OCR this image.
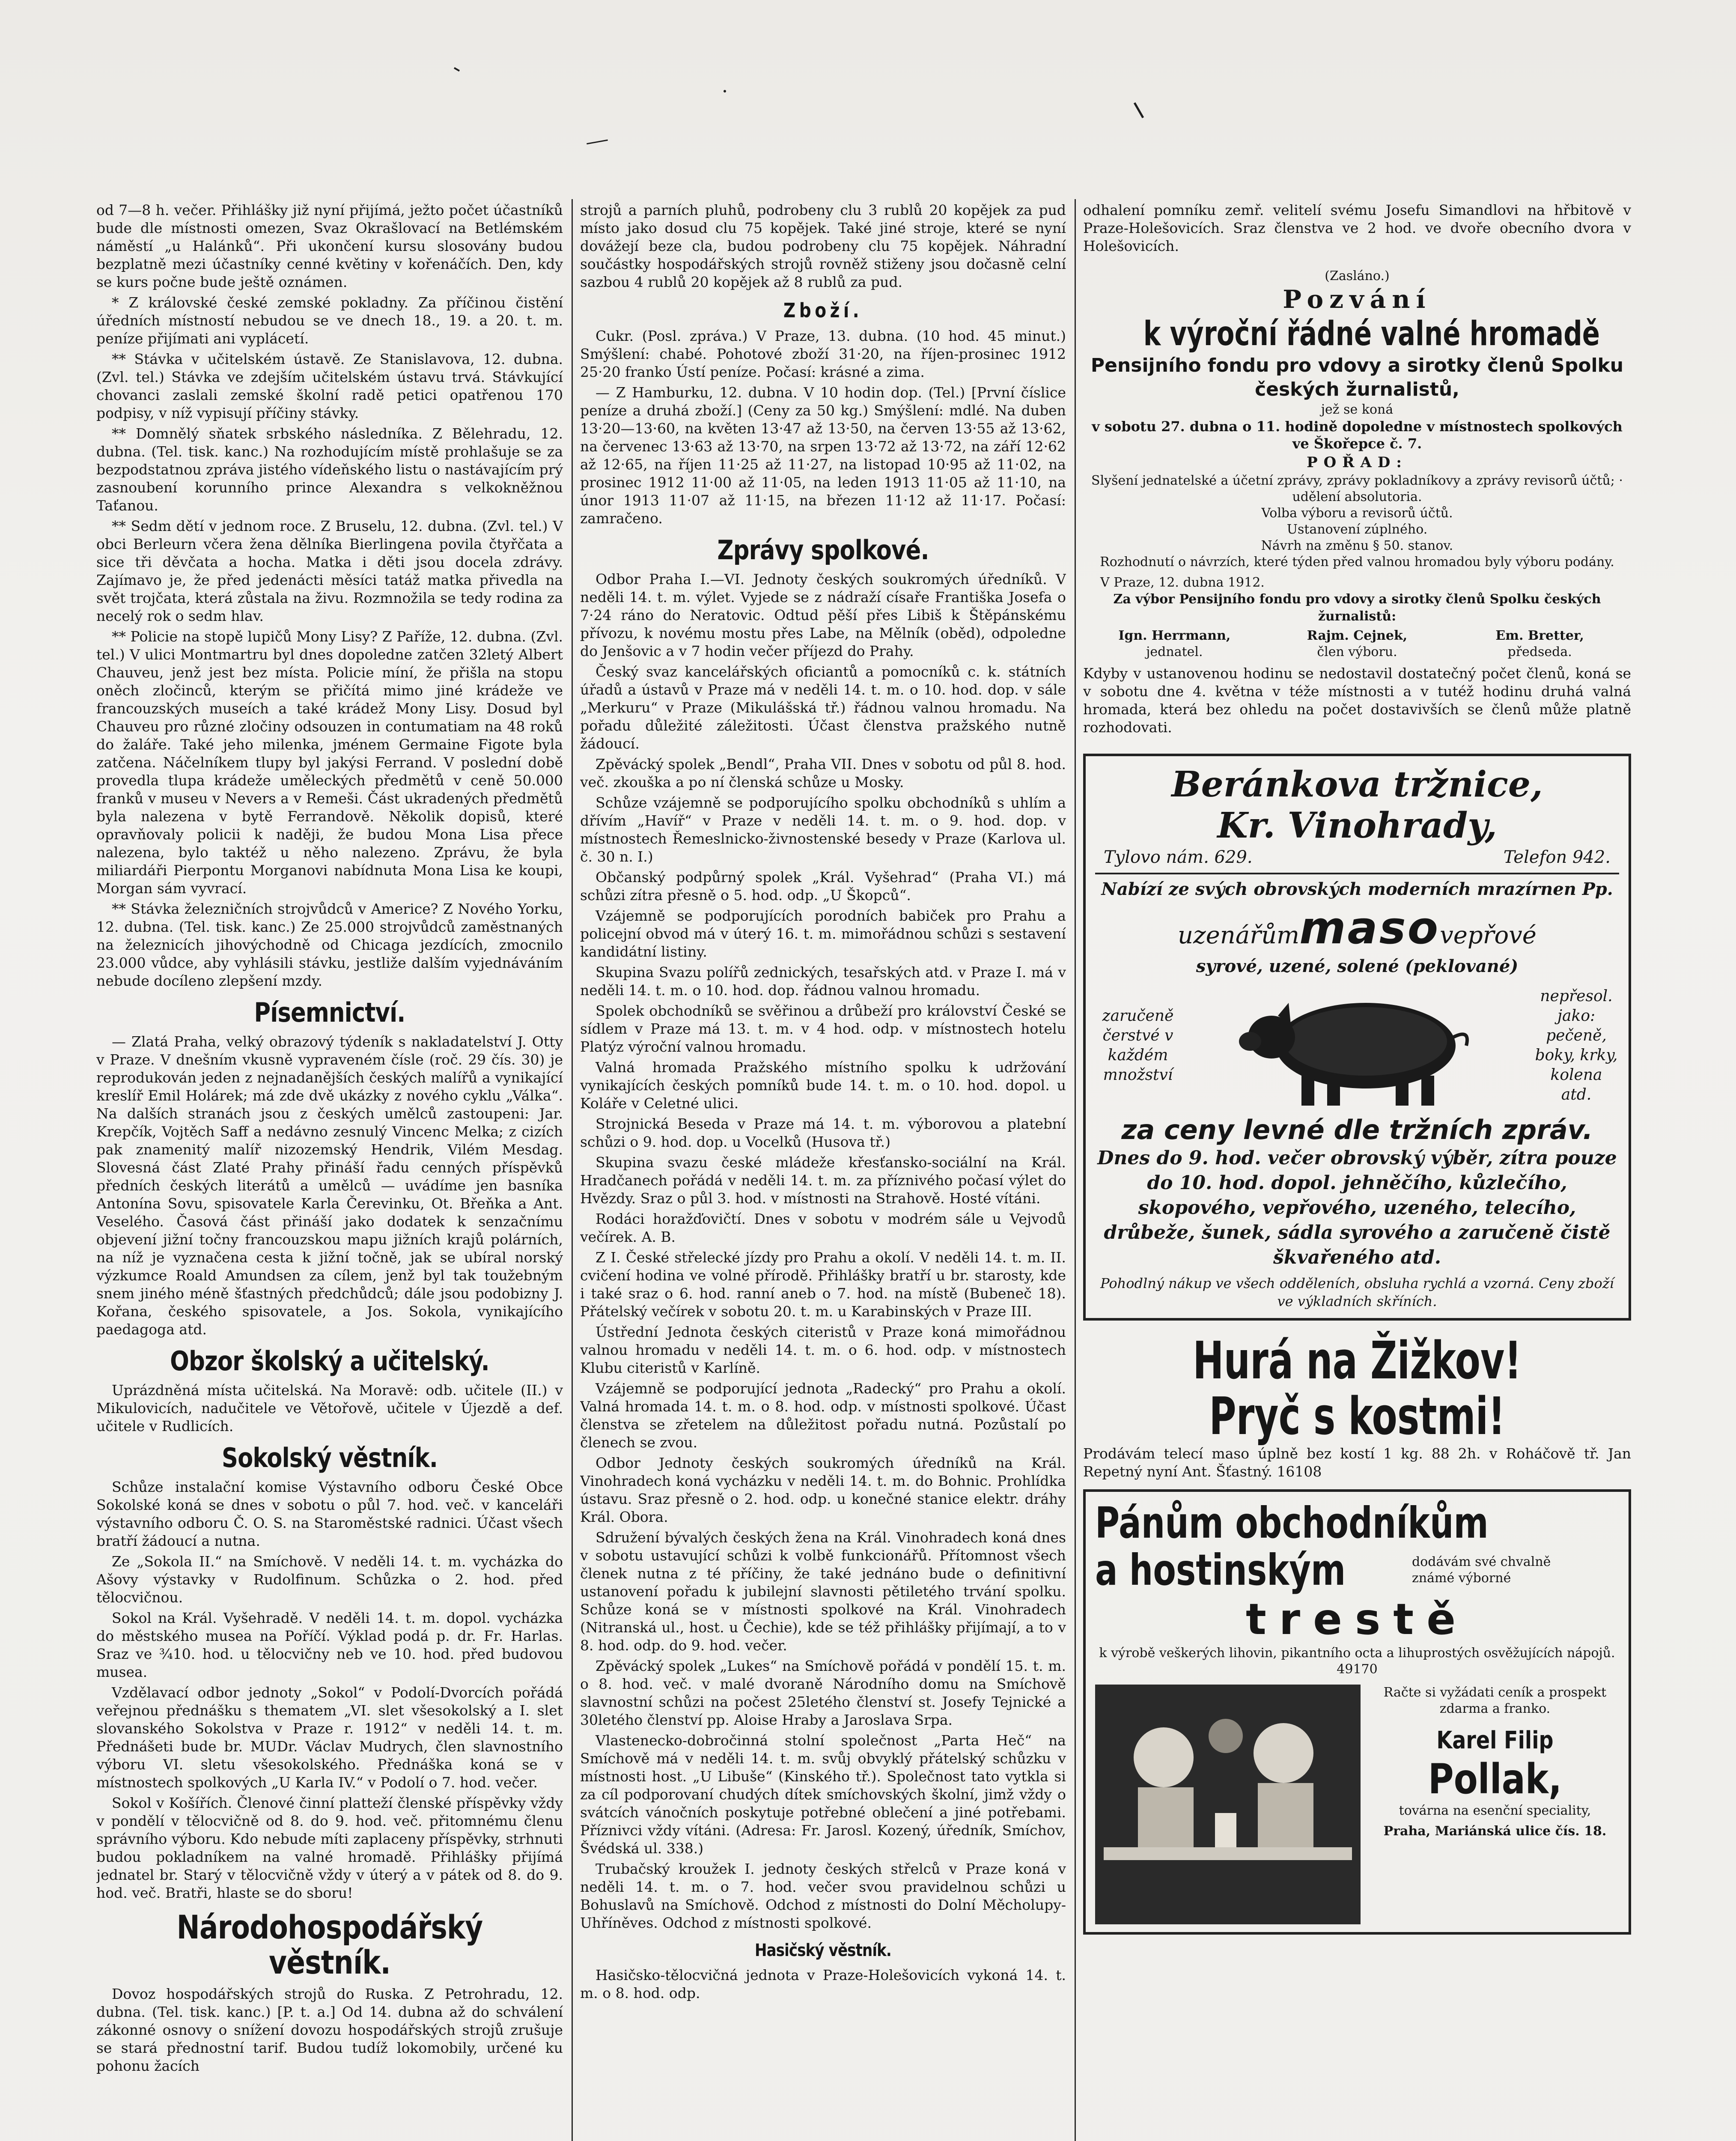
od 7—8 h. večer. Přihlášky již nyní přijímá, ježto počet účastníků bude dle místnosti omezen, Svaz Okrašlovací na Betlémském náměstí „u Halánků“. Při ukončení kursu slosovány budou bezplatně mezi účastníky cenné květiny v kořenáčích. Den, kdy se kurs počne bude ještě oznámen.

* Z královské české zemské pokladny. Za příčinou čistění úředních místností nebudou se ve dnech 18., 19. a 20. t. m. peníze přijímati ani vyplácetí.

** Stávka v učitelském ústavě. Ze Stanislavova, 12. dubna. (Zvl. tel.) Stávka ve zdejším učitelském ústavu trvá. Stávkující chovanci zaslali zemské školní radě petici opatřenou 170 podpisy, v níž vypisují příčiny stávky.

** Domnělý sňatek srbského následníka. Z Bělehradu, 12. dubna. (Tel. tisk. kanc.) Na rozhodujícím místě prohlašuje se za bezpodstatnou zpráva jistého vídeňského listu o nastávajícím prý zasnoubení korunního prince Alexandra s velkokněžnou Taťanou.

** Sedm dětí v jednom roce. Z Bruselu, 12. dubna. (Zvl. tel.) V obci Berleurn včera žena dělníka Bierlingena povila čtyřčata a sice tři děvčata a hocha. Matka i děti jsou docela zdrávy. Zajímavo je, že před jedenácti měsíci tatáž matka přivedla na svět trojčata, která zůstala na živu. Rozmnožila se tedy rodina za necelý rok o sedm hlav.

** Policie na stopě lupičů Mony Lisy? Z Paříže, 12. dubna. (Zvl. tel.) V ulici Montmartru byl dnes dopoledne zatčen 32letý Albert Chauveu, jenž jest bez místa. Policie míní, že přišla na stopu oněch zločinců, kterým se přičítá mimo jiné krádeže ve francouzských museích a také krádež Mony Lisy. Dosud byl Chauveu pro různé zločiny odsouzen in contumatiam na 48 roků do žaláře. Také jeho milenka, jménem Germaine Figote byla zatčena. Náčelníkem tlupy byl jakýsi Ferrand. V poslední době provedla tlupa krádeže uměleckých předmětů v ceně 50.000 franků v museu v Nevers a v Remeši. Část ukradených předmětů byla nalezena v bytě Ferrandově. Několik dopisů, které opravňovaly policii k naději, že budou Mona Lisa přece nalezena, bylo taktéž u něho nalezeno. Zprávu, že byla miliardáři Pierpontu Morganovi nabídnuta Mona Lisa ke koupi, Morgan sám vyvrací.

** Stávka železničních strojvůdců v Americe? Z Nového Yorku, 12. dubna. (Tel. tisk. kanc.) Ze 25.000 strojvůdců zaměstnaných na železnicích jihovýchodně od Chicaga jezdících, zmocnilo 23.000 vůdce, aby vyhlásili stávku, jestliže dalším vyjednáváním nebude docíleno zlepšení mzdy.

Písemnictví.

— Zlatá Praha, velký obrazový týdeník s nakladatelství J. Otty v Praze. V dnešním vkusně vypraveném čísle (roč. 29 čís. 30) je reprodukován jeden z nejnadanějších českých malířů a vynikající kreslíř Emil Holárek; má zde dvě ukázky z nového cyklu „Válka“. Na dalších stranách jsou z českých umělců zastoupeni: Jar. Krepčík, Vojtěch Saff a nedávno zesnulý Vincenc Melka; z cizích pak znamenitý malíř nizozemský Hendrik, Vilém Mesdag. Slovesná část Zlaté Prahy přináší řadu cenných příspěvků předních českých literátů a umělců — uvádíme jen basníka Antonína Sovu, spisovatele Karla Čerevinku, Ot. Břeňka a Ant. Veselého. Časová část přináší jako dodatek k senzačnímu objevení jižní točny francouzskou mapu jižních krajů polárních, na níž je vyznačena cesta k jižní točně, jak se ubíral norský výzkumce Roald Amundsen za cílem, jenž byl tak toužebným snem jiného méně šťastných předchůdců; dále jsou podobizny J. Kořana, českého spisovatele, a Jos. Sokola, vynikajícího paedagoga atd.

Obzor školský a učitelský.

Uprázdněná místa učitelská. Na Moravě: odb. učitele (II.) v Mikulovicích, nadučitele ve Větořově, učitele v Újezdě a def. učitele v Rudlicích.

Sokolský věstník.

Schůze instalační komise Výstavního odboru České Obce Sokolské koná se dnes v sobotu o půl 7. hod. več. v kanceláři výstavního odboru Č. O. S. na Staroměstské radnici. Účast všech bratří žádoucí a nutna.

Ze „Sokola II.“ na Smíchově. V neděli 14. t. m. vycházka do Ašovy výstavky v Rudolfinum. Schůzka o 2. hod. před tělocvičnou.

Sokol na Král. Vyšehradě. V neděli 14. t. m. dopol. vycházka do městského musea na Poříčí. Výklad podá p. dr. Fr. Harlas. Sraz ve ¾10. hod. u tělocvičny neb ve 10. hod. před budovou musea.

Vzdělavací odbor jednoty „Sokol“ v Podolí-Dvorcích pořádá veřejnou přednášku s thematem „VI. slet všesokolský a I. slet slovanského Sokolstva v Praze r. 1912“ v neděli 14. t. m. Přednášeti bude br. MUDr. Václav Mudrych, člen slavnostního výboru VI. sletu všesokolského. Přednáška koná se v místnostech spolkových „U Karla IV.“ v Podolí o 7. hod. večer.

Sokol v Košířích. Členové činní platteží členské příspěvky vždy v pondělí v tělocvičně od 8. do 9. hod. več. přitomnému členu správního výboru. Kdo nebude míti zaplaceny příspěvky, strhnuti budou pokladníkem na valné hromadě. Přihlášky přijímá jednatel br. Starý v tělocvičně vždy v úterý a v pátek od 8. do 9. hod. več. Bratři, hlaste se do sboru!

Národohospodářský věstník.

Dovoz hospodářských strojů do Ruska. Z Petrohradu, 12. dubna. (Tel. tisk. kanc.) [P. t. a.] Od 14. dubna až do schválení zákonné osnovy o snížení dovozu hospodářských strojů zrušuje se stará přednostní tarif. Budou tudíž lokomobily, určené ku pohonu žacích

strojů a parních pluhů, podrobeny clu 3 rublů 20 kopějek za pud místo jako dosud clu 75 kopějek. Také jiné stroje, které se nyní dovážejí beze cla, budou podrobeny clu 75 kopějek. Náhradní součástky hospodářských strojů rovněž stiženy jsou dočasně celní sazbou 4 rublů 20 kopějek až 8 rublů za pud.

Zboží.

Cukr. (Posl. zpráva.) V Praze, 13. dubna. (10 hod. 45 minut.) Smýšlení: chabé. Pohotové zboží 31·20, na říjen-prosinec 1912 25·20 franko Ústí peníze. Počasí: krásné a zima.

— Z Hamburku, 12. dubna. V 10 hodin dop. (Tel.) [První číslice peníze a druhá zboží.] (Ceny za 50 kg.) Smýšlení: mdlé. Na duben 13·20—13·60, na květen 13·47 až 13·50, na červen 13·55 až 13·62, na červenec 13·63 až 13·70, na srpen 13·72 až 13·72, na září 12·62 až 12·65, na říjen 11·25 až 11·27, na listopad 10·95 až 11·02, na prosinec 1912 11·00 až 11·05, na leden 1913 11·05 až 11·10, na únor 1913 11·07 až 11·15, na březen 11·12 až 11·17. Počasí: zamračeno.

Zprávy spolkové.

Odbor Praha I.—VI. Jednoty českých soukromých úředníků. V neděli 14. t. m. výlet. Vyjede se z nádraží císaře Františka Josefa o 7·24 ráno do Neratovic. Odtud pěší přes Libiš k Štěpánskému přívozu, k novému mostu přes Labe, na Mělník (oběd), odpoledne do Jenšovic a v 7 hodin večer příjezd do Prahy.

Český svaz kancelářských oficiantů a pomocníků c. k. státních úřadů a ústavů v Praze má v neděli 14. t. m. o 10. hod. dop. v sále „Merkuru“ v Praze (Mikulášská tř.) řádnou valnou hromadu. Na pořadu důležité záležitosti. Účast členstva pražského nutně žádoucí.

Zpěvácký spolek „Bendl“, Praha VII. Dnes v sobotu od půl 8. hod. več. zkouška a po ní členská schůze u Mosky.

Schůze vzájemně se podporujícího spolku obchodníků s uhlím a dřívím „Havíř“ v Praze v neděli 14. t. m. o 9. hod. dop. v místnostech Řemeslnicko-živnostenské besedy v Praze (Karlova ul. č. 30 n. I.)

Občanský podpůrný spolek „Král. Vyšehrad“ (Praha VI.) má schůzi zítra přesně o 5. hod. odp. „U Škopců“.

Vzájemně se podporujících porodních babiček pro Prahu a policejní obvod má v úterý 16. t. m. mimořádnou schůzi s sestavení kandidátní listiny.

Skupina Svazu polířů zednických, tesařských atd. v Praze I. má v neděli 14. t. m. o 10. hod. dop. řádnou valnou hromadu.

Spolek obchodníků se svěřinou a drůbeží pro království České se sídlem v Praze má 13. t. m. v 4 hod. odp. v místnostech hotelu Platýz výroční valnou hromadu.

Valná hromada Pražského místního spolku k udržování vynikajících českých pomníků bude 14. t. m. o 10. hod. dopol. u Koláře v Celetné ulici.

Strojnická Beseda v Praze má 14. t. m. výborovou a platební schůzi o 9. hod. dop. u Vocelků (Husova tř.)

Skupina svazu české mládeže křesťansko-sociální na Král. Hradčanech pořádá v neděli 14. t. m. za příznivého počasí výlet do Hvězdy. Sraz o půl 3. hod. v místnosti na Strahově. Hosté vítáni.

Rodáci horažďovičtí. Dnes v sobotu v modrém sále u Vejvodů večírek. A. B.

Z I. České střelecké jízdy pro Prahu a okolí. V neděli 14. t. m. II. cvičení hodina ve volné přírodě. Přihlášky bratří u br. starosty, kde i také sraz o 6. hod. ranní aneb o 7. hod. na místě (Bubeneč 18). Přátelský večírek v sobotu 20. t. m. u Karabinských v Praze III.

Ústřední Jednota českých citeristů v Praze koná mimořádnou valnou hromadu v neděli 14. t. m. o 6. hod. odp. v místnostech Klubu citeristů v Karlíně.

Vzájemně se podporující jednota „Radecký“ pro Prahu a okolí. Valná hromada 14. t. m. o 8. hod. odp. v místnosti spolkové. Účast členstva se zřetelem na důležitost pořadu nutná. Pozůstalí po členech se zvou.

Odbor Jednoty českých soukromých úředníků na Král. Vinohradech koná vycházku v neděli 14. t. m. do Bohnic. Prohlídka ústavu. Sraz přesně o 2. hod. odp. u konečné stanice elektr. dráhy Král. Obora.

Sdružení bývalých českých žena na Král. Vinohradech koná dnes v sobotu ustavující schůzi k volbě funkcionářů. Přítomnost všech členek nutna z té příčiny, že také jednáno bude o definitivní ustanovení pořadu k jubilejní slavnosti pětiletého trvání spolku. Schůze koná se v místnosti spolkové na Král. Vinohradech (Nitranská ul., host. u Čechie), kde se též přihlášky přijímají, a to v 8. hod. odp. do 9. hod. večer.

Zpěvácký spolek „Lukes“ na Smíchově pořádá v pondělí 15. t. m. o 8. hod. več. v malé dvoraně Národního domu na Smíchově slavnostní schůzi na počest 25letého členství st. Josefy Tejnické a 30letého členství pp. Aloise Hraby a Jaroslava Srpa.

Vlastenecko-dobročinná stolní společnost „Parta Heč“ na Smíchově má v neděli 14. t. m. svůj obvyklý přátelský schůzku v místnosti host. „U Libuše“ (Kinského tř.). Společnost tato vytkla si za cíl podporovaní chudých dítek smíchovských školní, jimž vždy o svátcích vánočních poskytuje potřebné oblečení a jiné potřebami. Příznivci vždy vítáni. (Adresa: Fr. Jarosl. Kozený, úředník, Smíchov, Švédská ul. 338.)

Trubačský kroužek I. jednoty českých střelců v Praze koná v neděli 14. t. m. o 7. hod. večer svou pravidelnou schůzi u Bohuslavů na Smíchově. Odchod z místnosti do Dolní Měcholupy-Uhříněves. Odchod z místnosti spolkové.

Hasičský věstník.

Hasičsko-tělocvičná jednota v Praze-Holešovicích vykoná 14. t. m. o 8. hod. odp.

odhalení pomníku zemř. velitelí svému Josefu Simandlovi na hřbitově v Praze-Holešovicích. Sraz členstva ve 2 hod. ve dvoře obecního dvora v Holešovicích.

(Zasláno.)
Pozvání
k výroční řádné valné hromadě
Pensijního fondu pro vdovy a sirotky členů Spolku českých žurnalistů,
jež se koná
v sobotu 27. dubna o 11. hodině dopoledne v místnostech spolkových ve Škořepce č. 7.
POŘAD:
Slyšení jednatelské a účetní zprávy, zprávy pokladníkovy a zprávy revisorů účtů; · udělení absolutoria.
Volba výboru a revisorů účtů.
Ustanovení zúplného.
Návrh na změnu § 50. stanov.
Rozhodnutí o návrzích, které týden před valnou hromadou byly výboru podány.
V Praze, 12. dubna 1912.
Za výbor Pensijního fondu pro vdovy a sirotky členů Spolku českých žurnalistů:
Ign. Herrmann,
jednatel.
Rajm. Cejnek,
člen výboru.
Em. Bretter,
předseda.

Kdyby v ustanovenou hodinu se nedostavil dostatečný počet členů, koná se v sobotu dne 4. května v téže místnosti a v tutéž hodinu druhá valná hromada, která bez ohledu na počet dostavivších se členů může platně rozhodovati.

Beránkova tržnice,
Kr. Vinohrady,
Tylovo nám. 629.	Telefon 942.
Nabízí ze svých obrovských moderních mrazírnen Pp.
uzenářůmmasovepřové
syrové, uzené, solené (peklované)
zaručeně čerstvé v každém množství
nepřesol. jako: pečeně, boky, krky, kolena atd.
za ceny levné dle tržních zpráv.
Dnes do 9. hod. večer obrovský výběr, zítra pouze do 10. hod. dopol. jehněčího, kůzlečího, skopového, vepřového, uzeného, telecího, drůbeže, šunek, sádla syrového a zaručeně čistě škvařeného atd.
Pohodlný nákup ve všech odděleních, obsluha rychlá a vzorná. Ceny zboží ve výkladních skříních.
Hurá na Žižkov!
Pryč s kostmi!

Prodávám telecí maso úplně bez kostí 1 kg. 88 2h. v Roháčově tř. Jan Repetný nyní Ant. Šťastný. 16108

Pánům obchodníkům
a hostinským	dodávám své chvalně známé výborné
trestě
k výrobě veškerých lihovin, pikantního octa a lihuprostých osvěžujících nápojů. 49170
Račte si vyžádati ceník a prospekt zdarma a franko.
Karel Filip
Pollak,
továrna na esenční speciality,
Praha, Mariánská ulice čís. 18.
